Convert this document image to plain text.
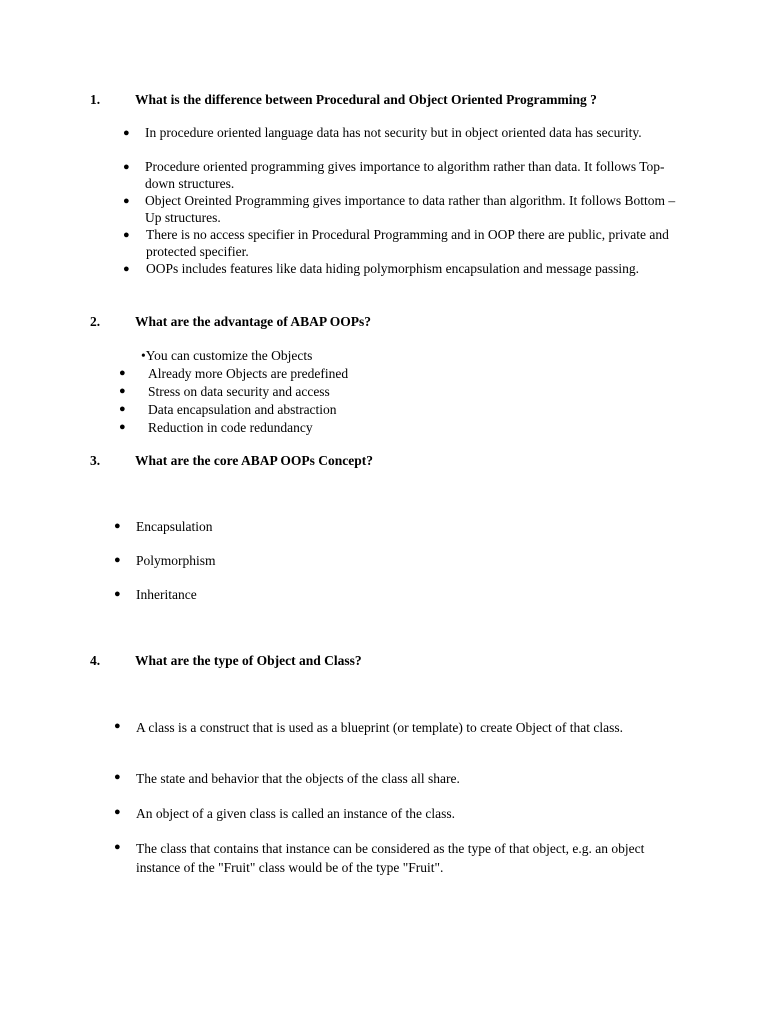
1.	What is the difference between Procedural and Object Oriented Programming ?
● In procedure oriented language data has not security but in object oriented data has security.
● Procedure oriented programming gives importance to algorithm rather than data. It follows Top-down structures.
● Object Oreinted Programming gives importance to data rather than algorithm. It follows Bottom – Up structures.
● There is no access specifier in Procedural Programming and in OOP there are public, private and protected specifier.
● OOPs includes features like data hiding polymorphism encapsulation and message passing.
2.	What are the advantage of ABAP OOPs?
•You can customize the Objects
● Already more Objects are predefined
● Stress on data security and access
● Data encapsulation and abstraction
● Reduction in code redundancy
3.	What are the core ABAP OOPs Concept?
● Encapsulation
● Polymorphism
● Inheritance
4.	What are the type of Object and Class?
● A class is a construct that is used as a blueprint (or template) to create Object of that class.
● The state and behavior that the objects of the class all share.
● An object of a given class is called an instance of the class.
● The class that contains that instance can be considered as the type of that object, e.g. an object instance of the "Fruit" class would be of the type "Fruit".
